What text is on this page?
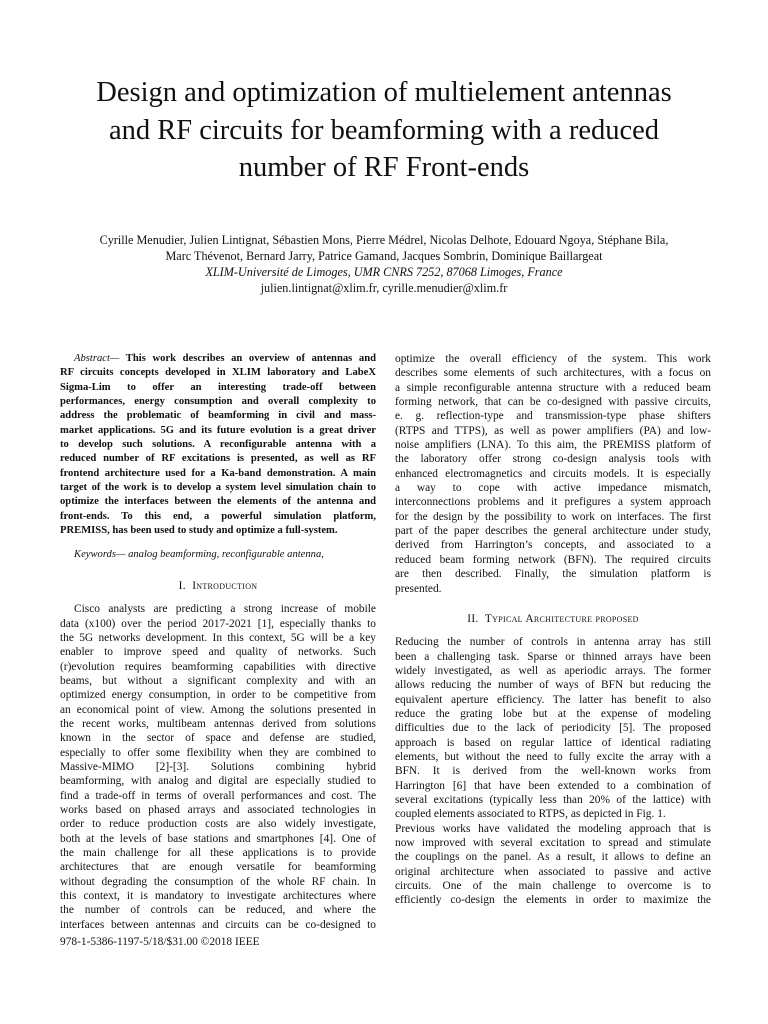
Design and optimization of multielement antennas
and RF circuits for beamforming with a reduced
number of RF Front-ends
Cyrille Menudier, Julien Lintignat, Sébastien Mons, Pierre Médrel, Nicolas Delhote, Edouard Ngoya, Stéphane Bila,
Marc Thévenot, Bernard Jarry, Patrice Gamand, Jacques Sombrin, Dominique Baillargeat
XLIM-Université de Limoges, UMR CNRS 7252, 87068 Limoges, France
julien.lintignat@xlim.fr, cyrille.menudier@xlim.fr
Abstract— This work describes an overview of antennas and
RF circuits concepts developed in XLIM laboratory and LabeX
Sigma-Lim to offer an interesting trade-off between
performances, energy consumption and overall complexity to
address the problematic of beamforming in civil and mass-
market applications. 5G and its future evolution is a great driver
to develop such solutions. A reconfigurable antenna with a
reduced number of RF excitations is presented, as well as RF
frontend architecture used for a Ka-band demonstration. A main
target of the work is to develop a system level simulation chain to
optimize the interfaces between the elements of the antenna and
front-ends. To this end, a powerful simulation platform,
PREMISS, has been used to study and optimize a full-system.
Keywords— analog beamforming, reconfigurable antenna,
I. Introduction
Cisco analysts are predicting a strong increase of mobile
data (x100) over the period 2017-2021 [1], especially thanks to
the 5G networks development. In this context, 5G will be a key
enabler to improve speed and quality of networks. Such
(r)evolution requires beamforming capabilities with directive
beams, but without a significant complexity and with an
optimized energy consumption, in order to be competitive from
an economical point of view. Among the solutions presented in
the recent works, multibeam antennas derived from solutions
known in the sector of space and defense are studied,
especially to offer some flexibility when they are combined to
Massive-MIMO [2]-[3]. Solutions combining hybrid
beamforming, with analog and digital are especially studied to
find a trade-off in terms of overall performances and cost. The
works based on phased arrays and associated technologies in
order to reduce production costs are also widely investigate,
both at the levels of base stations and smartphones [4]. One of
the main challenge for all these applications is to provide
architectures that are enough versatile for beamforming
without degrading the consumption of the whole RF chain. In
this context, it is mandatory to investigate architectures where
the number of controls can be reduced, and where the
interfaces between antennas and circuits can be co-designed to
optimize the overall efficiency of the system. This work
describes some elements of such architectures, with a focus on
a simple reconfigurable antenna structure with a reduced beam
forming network, that can be co-designed with passive circuits,
e. g. reflection-type and transmission-type phase shifters
(RTPS and TTPS), as well as power amplifiers (PA) and low-
noise amplifiers (LNA). To this aim, the PREMISS platform of
the laboratory offer strong co-design analysis tools with
enhanced electromagnetics and circuits models. It is especially
a way to cope with active impedance mismatch,
interconnections problems and it prefigures a system approach
for the design by the possibility to work on interfaces. The first
part of the paper describes the general architecture under study,
derived from Harrington’s concepts, and associated to a
reduced beam forming network (BFN). The required circuits
are then described. Finally, the simulation platform is
presented.
II. Typical Architecture proposed
Reducing the number of controls in antenna array has still
been a challenging task. Sparse or thinned arrays have been
widely investigated, as well as aperiodic arrays. The former
allows reducing the number of ways of BFN but reducing the
equivalent aperture efficiency. The latter has benefit to also
reduce the grating lobe but at the expense of modeling
difficulties due to the lack of periodicity [5]. The proposed
approach is based on regular lattice of identical radiating
elements, but without the need to fully excite the array with a
BFN. It is derived from the well-known works from
Harrington [6] that have been extended to a combination of
several excitations (typically less than 20% of the lattice) with
coupled elements associated to RTPS, as depicted in Fig. 1.
Previous works have validated the modeling approach that is
now improved with several excitation to spread and stimulate
the couplings on the panel. As a result, it allows to define an
original architecture when associated to passive and active
circuits. One of the main challenge to overcome is to
efficiently co-design the elements in order to maximize the
978-1-5386-1197-5/18/$31.00 ©2018 IEEE
